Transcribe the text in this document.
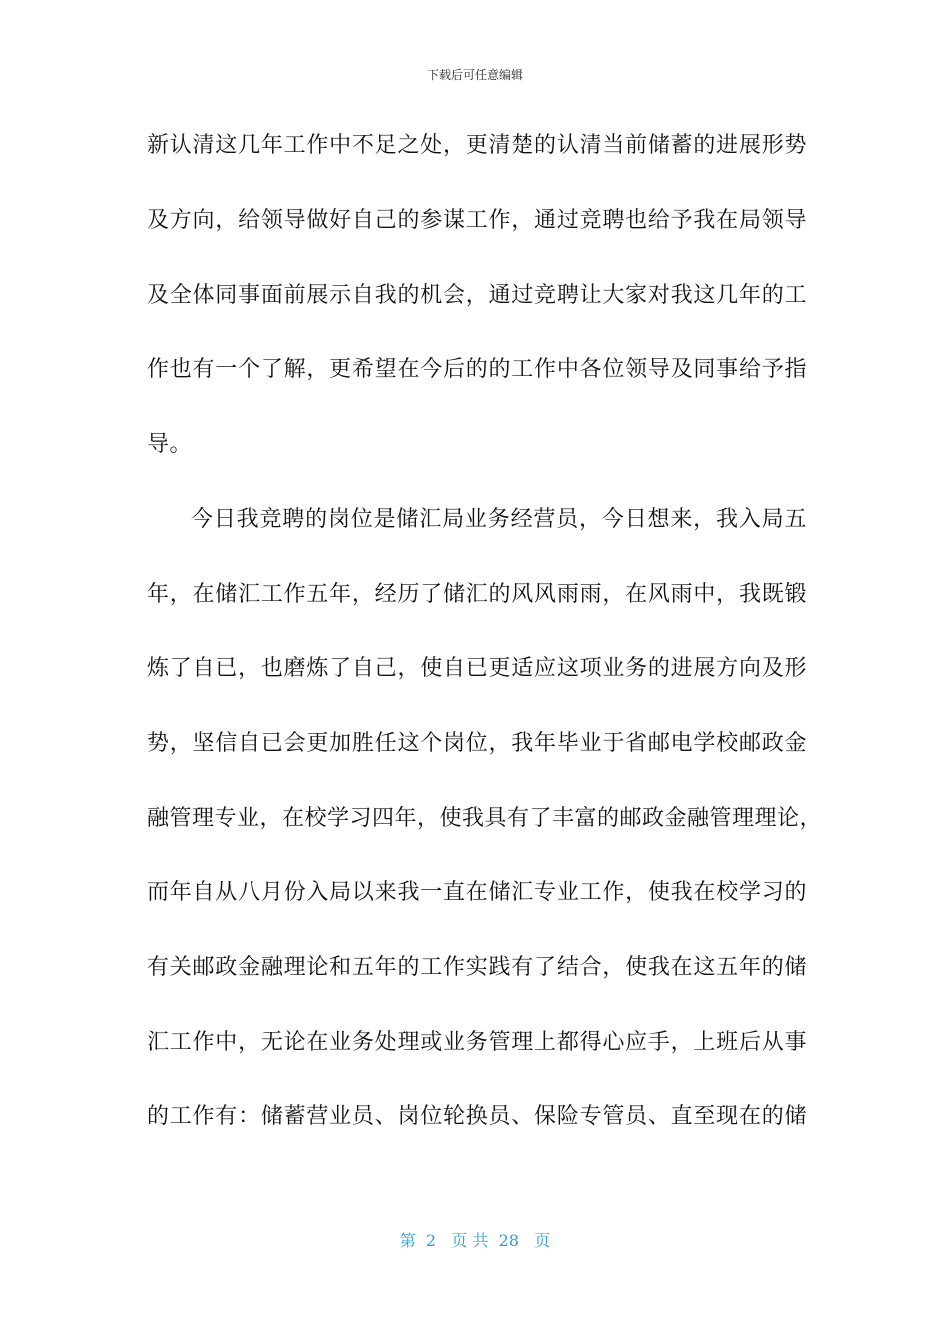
下载后可任意编辑
新认清这几年工作中不足之处，更清楚的认清当前储蓄的进展形势
及方向，给领导做好自己的参谋工作，通过竞聘也给予我在局领导
及全体同事面前展示自我的机会，通过竞聘让大家对我这几年的工
作也有一个了解，更希望在今后的的工作中各位领导及同事给予指
导。
今日我竞聘的岗位是储汇局业务经营员，今日想来，我入局五
年，在储汇工作五年，经历了储汇的风风雨雨，在风雨中，我既锻
炼了自已，也磨炼了自己，使自已更适应这项业务的进展方向及形
势，坚信自已会更加胜任这个岗位，我年毕业于省邮电学校邮政金
融管理专业，在校学习四年，使我具有了丰富的邮政金融管理理论，
而年自从八月份入局以来我一直在储汇专业工作，使我在校学习的
有关邮政金融理论和五年的工作实践有了结合，使我在这五年的储
汇工作中，无论在业务处理或业务管理上都得心应手，上班后从事
的工作有：储蓄营业员、岗位轮换员、保险专管员、直至现在的储
第  2   页 共  28   页
